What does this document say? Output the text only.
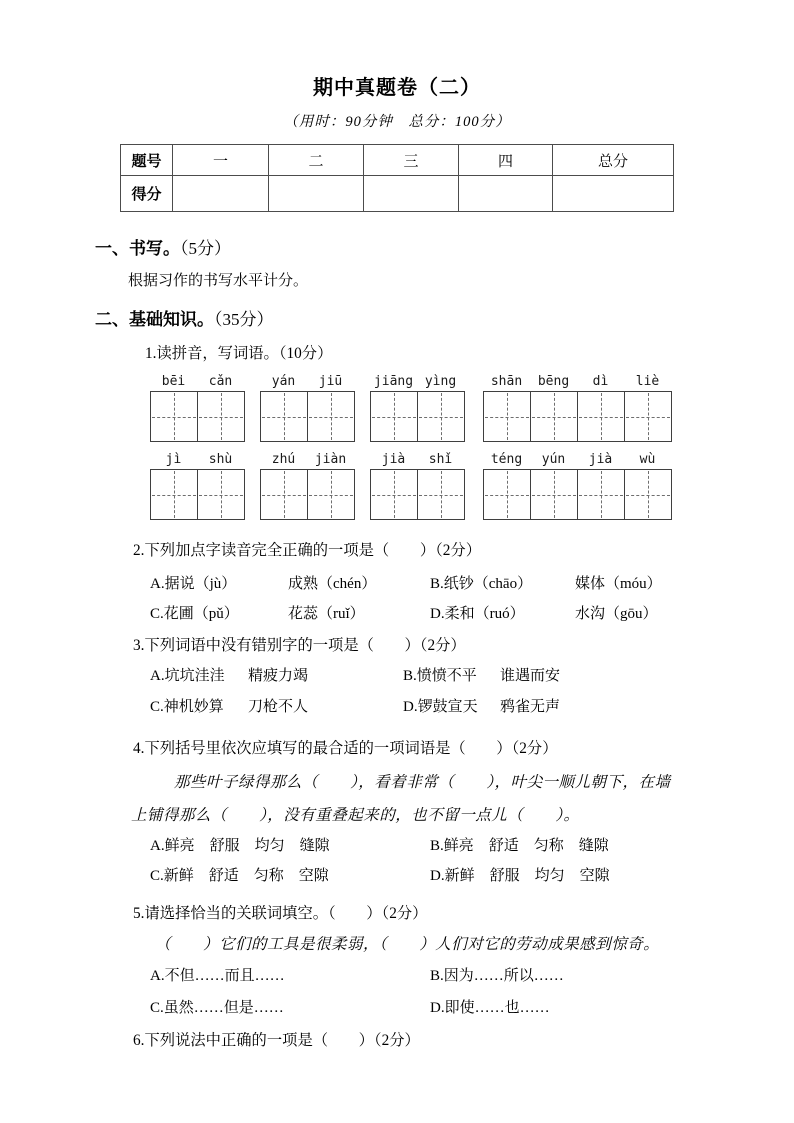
期中真题卷（二）
（用时：90分钟　总分：100分）
题号	一	二	三	四	总分
得分					
一、书写。（5分）
根据习作的书写水平计分。
二、基础知识。（35分）
1.读拼音，写词语。（10分）
bēi	cǎn	yán	jiū	jiāng yìng	shān	bēng	dì	liè
jì	shù	zhú	jiàn	jià	shǐ	téng	yún	jià	wù
2.下列加点字读音完全正确的一项是（　　）（2分）
A.据说（jù）	成熟（chén）	B.纸钞（chāo）	媒体（móu）
C.花圃（pǔ）	花蕊（ruǐ）	D.柔和（ruó）	水沟（gōu）
3.下列词语中没有错别字的一项是（　　）（2分）
A.坑坑洼洼 精疲力竭	B.愤愤不平 谁遇而安
C.神机妙算 刀枪不人	D.锣鼓宣天 鸦雀无声
4.下列括号里依次应填写的最合适的一项词语是（　　）（2分）
那些叶子绿得那么（　　），看着非常（　　），叶尖一顺儿朝下，在墙
上铺得那么（　　），没有重叠起来的，也不留一点儿（　　）。
A.鲜亮　舒服　均匀　缝隙	B.鲜亮　舒适　匀称　缝隙
C.新鲜　舒适　匀称　空隙	D.新鲜　舒服　均匀　空隙
5.请选择恰当的关联词填空。（　　）（2分）
（　　）它们的工具是很柔弱，（　　）人们对它的劳动成果感到惊奇。
A.不但……而且……	B.因为……所以……
C.虽然……但是……	D.即使……也……
6.下列说法中正确的一项是（　　）（2分）
